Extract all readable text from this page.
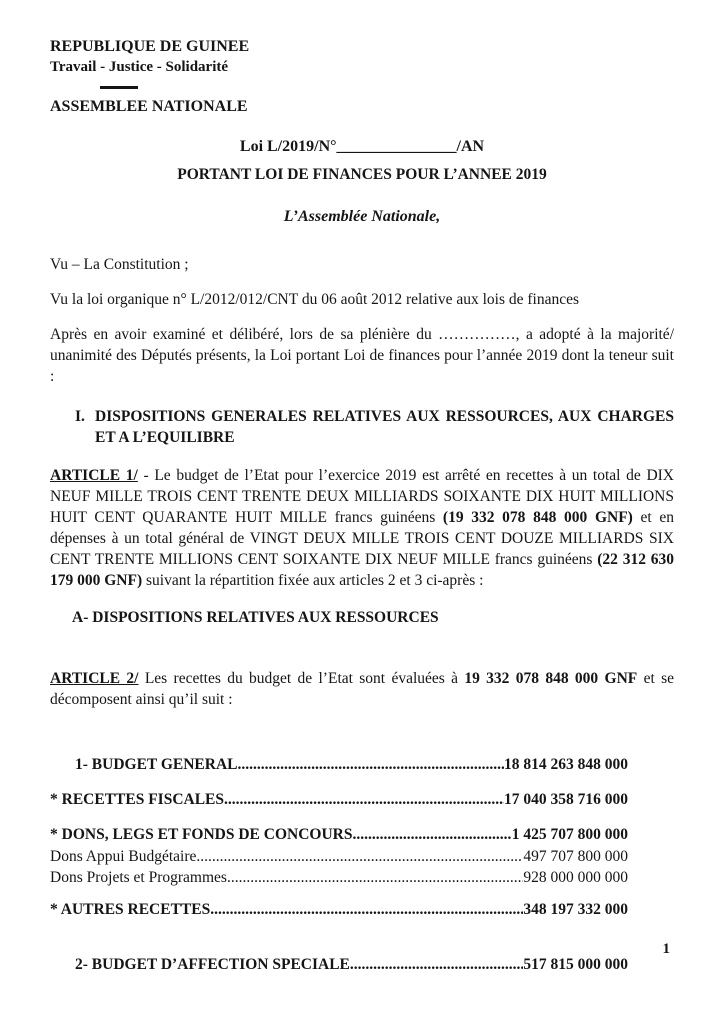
REPUBLIQUE DE GUINEE
Travail - Justice - Solidarité
ASSEMBLEE NATIONALE
Loi L/2019/N°_______________/AN
PORTANT LOI DE FINANCES POUR L’ANNEE 2019
L’Assemblée Nationale,

Vu – La Constitution ;

Vu la loi organique n° L/2012/012/CNT du 06 août 2012 relative aux lois de finances

Après en avoir examiné et délibéré, lors de sa plénière du ……………, a adopté à la majorité/ unanimité des Députés présents, la Loi portant Loi de finances pour l’année 2019 dont la teneur suit :

I. DISPOSITIONS GENERALES RELATIVES AUX RESSOURCES, AUX CHARGES ET A L’EQUILIBRE

ARTICLE 1/ - Le budget de l’Etat pour l’exercice 2019 est arrêté en recettes à un total de DIX NEUF MILLE TROIS CENT TRENTE DEUX MILLIARDS SOIXANTE DIX HUIT MILLIONS HUIT CENT QUARANTE HUIT MILLE francs guinéens (19 332 078 848 000 GNF) et en dépenses à un total général de VINGT DEUX MILLE TROIS CENT DOUZE MILLIARDS SIX CENT TRENTE MILLIONS CENT SOIXANTE DIX NEUF MILLE francs guinéens (22 312 630 179 000 GNF) suivant la répartition fixée aux articles 2 et 3 ci-après :

A- DISPOSITIONS RELATIVES AUX RESSOURCES

ARTICLE 2/ Les recettes du budget de l’Etat sont évaluées à 19 332 078 848 000 GNF et se décomposent ainsi qu’il suit :

1- BUDGET GENERAL .....	18 814 263 848 000
* RECETTES FISCALES .....	17 040 358 716 000
* DONS, LEGS ET FONDS DE CONCOURS .....	1 425 707 800 000
Dons Appui Budgétaire .....	497 707 800 000
Dons Projets et Programmes .....	928 000 000 000
* AUTRES RECETTES .....	348 197 332 000
2- BUDGET D’AFFECTION SPECIALE .....	517 815 000 000
1
